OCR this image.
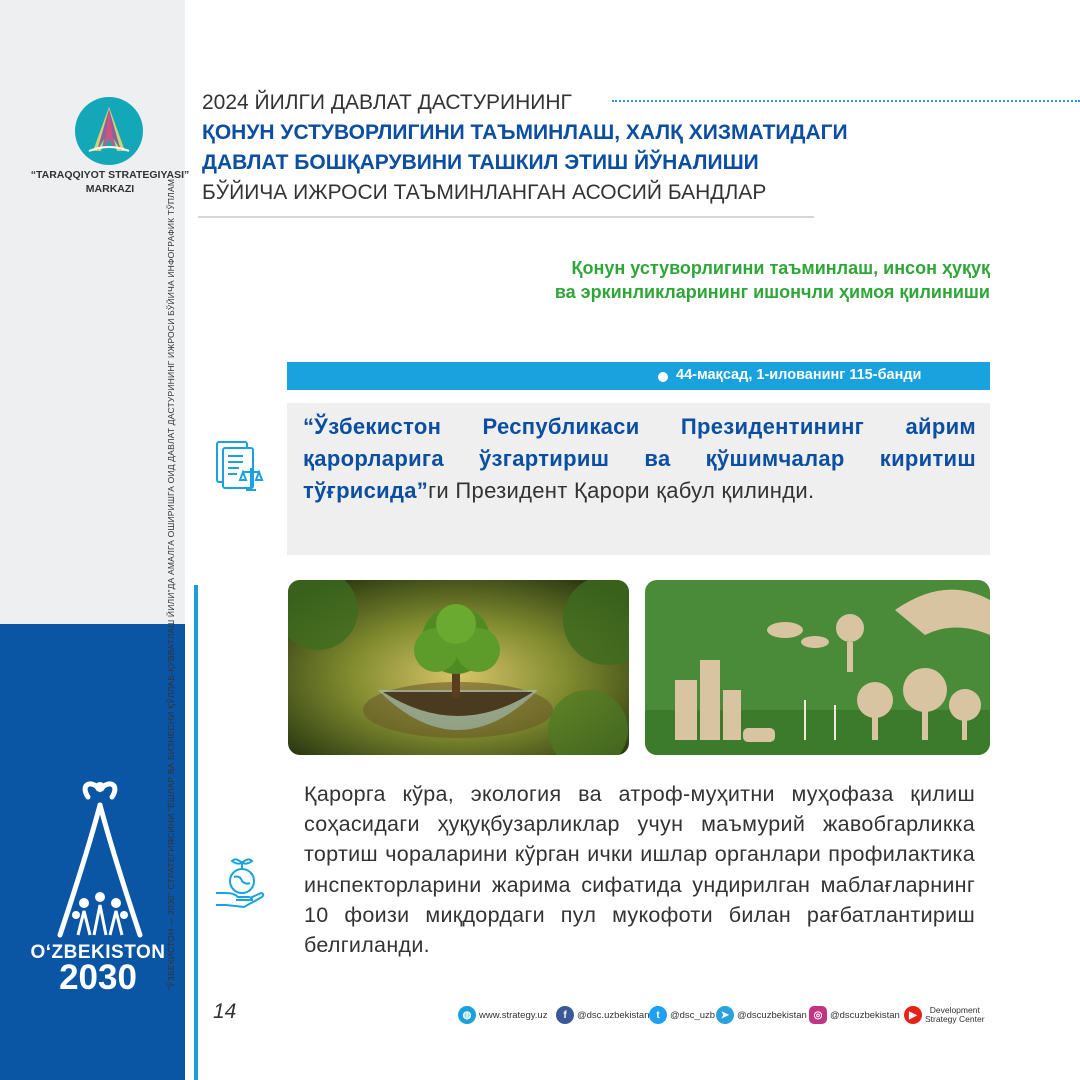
“TARAQQIYOT STRATEGIYASI”
MARKAZI	“ЎЗБЕКИСТОН — 2030” СТРАТЕГИЯСИНИ “ЁШЛАР ВА БИЗНЕСНИ ҚЎЛЛАБ-ҚУВВАТЛАШ ЙИЛИ”ДА АМАЛГА ОШИРИШГА ОИД ДАВЛАТ ДАСТУРИНИНГ ИЖРОСИ БЎЙИЧА ИНФОГРАФИК ТЎПЛАМ
O‘ZBEKISTON
2030
2024 ЙИЛГИ ДАВЛАТ ДАСТУРИНИНГ
ҚОНУН УСТУВОРЛИГИНИ ТАЪМИНЛАШ, ХАЛҚ ХИЗМАТИДАГИ
ДАВЛАТ БОШҚАРУВИНИ ТАШКИЛ ЭТИШ ЙЎНАЛИШИ
БЎЙИЧА ИЖРОСИ ТАЪМИНЛАНГАН АСОСИЙ БАНДЛАР
Қонун устуворлигини таъминлаш, инсон ҳуқуқ
ва эркинликларининг ишончли ҳимоя қилиниши
44-мақсад, 1-илованинг 115-банди
“Ўзбекистон Республикаси Президентининг айрим қарорларига ўзгартириш ва қўшимчалар киритиш тўғрисида”ги Президент Қарори қабул қилинди.
Қарорга кўра, экология ва атроф-муҳитни муҳофаза қилиш соҳасидаги ҳуқуқбузарликлар учун маъмурий жавобгарликка тортиш чораларини кўрган ички ишлар органлари профилактика инспекторларини жарима сифатида ундирилган маблағларнинг 10 фоизи миқдордаги пул мукофоти билан рағбатлантириш белгиланди.
14	◍ www.strategy.uz	f	@dsc.uzbekistan t	@dsc_uzb ➤ @dscuzbekistan ◎ @dscuzbekistan ▶	Development
Strategy Center
